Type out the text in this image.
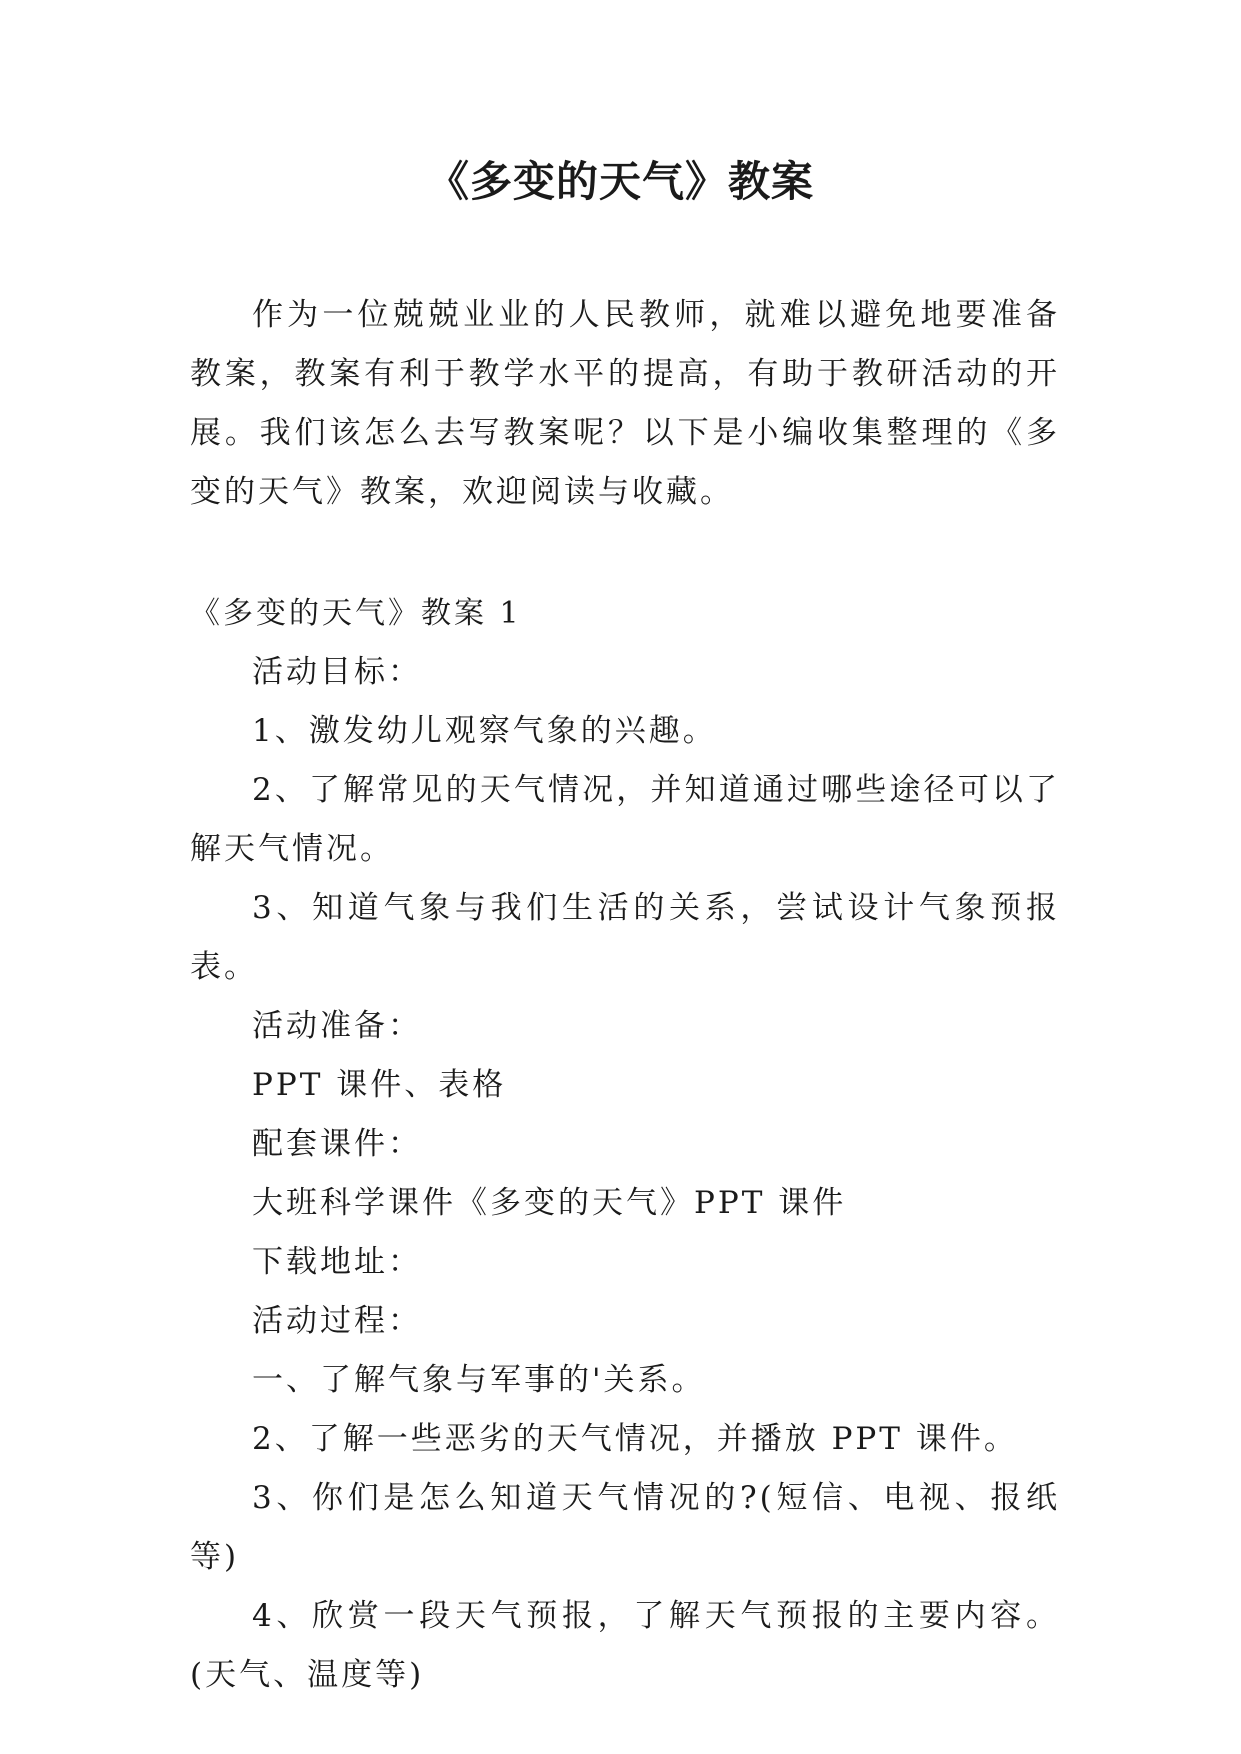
《多变的天气》教案

作为一位兢兢业业的人民教师，就难以避免地要准备教案，教案有利于教学水平的提高，有助于教研活动的开展。我们该怎么去写教案呢？以下是小编收集整理的《多变的天气》教案，欢迎阅读与收藏。

《多变的天气》教案 1

活动目标：

1、激发幼儿观察气象的兴趣。

2、了解常见的天气情况，并知道通过哪些途径可以了解天气情况。

3、知道气象与我们生活的关系，尝试设计气象预报表。

活动准备：

PPT 课件、表格

配套课件：

大班科学课件《多变的天气》PPT 课件

下载地址：

活动过程：

一、了解气象与军事的'关系。

2、了解一些恶劣的天气情况，并播放 PPT 课件。

3、你们是怎么知道天气情况的?(短信、电视、报纸等)

4、欣赏一段天气预报，了解天气预报的主要内容。(天气、温度等)
